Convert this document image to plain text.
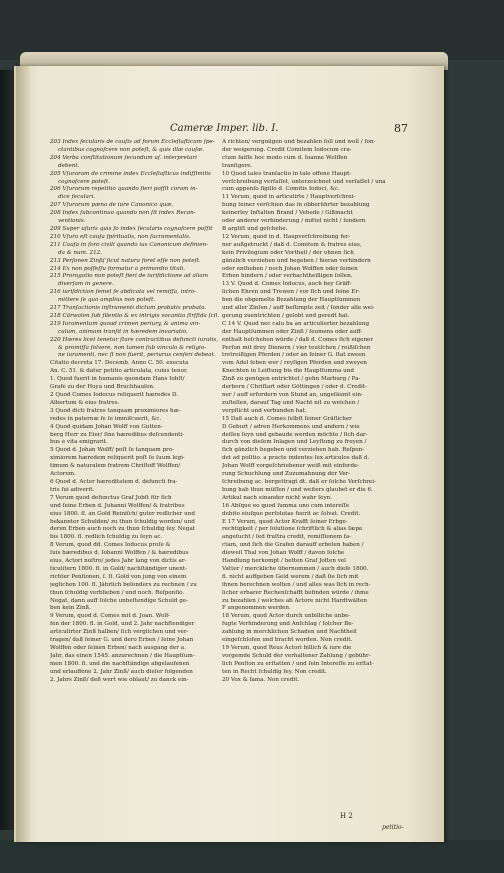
Cameræ Imper. lib. I.	87
203 Index ſecularis de cauſis ad forum Eccleſiaſticum ſpe-
ctantibus cognoſcere non poteſt, & quis illæ cauſæ.
204 Verba conſtitutionum ſecundum uſ. interpretari
debent.
205 Vſuraram de crimine index Eccleſiaſticus indiſſimilis
cognoſcere poteſt.
206 Vſurarum repetitio quando fieri poſſit coram in-
dice ſeculari.
207 Vſurarum pæna de iure Canonico quæ,
208 Index ſubcontinuo quando non ſit index Recon-
ventionis.
209 Super uſuris quis ſo index ſecularis cognoſcere poſſit
210 Vſura eſt cauſa ſpiritualis, non ſacramentalis.
211 Cauſa in foro civili quando ius Canonicum definien-
da & num. 212.
213 Perſonen Zinßſ ſicut natura foret eſſe non poteſt.
214 Ex non poſſeſſu formatur à primordio tituli.
215 Prorogatio non poteſt fieri de iuriſdictione ad aliam
diverſam in genere.
216 iuriſdiction ſemel ſe abdicata vel remiſſa, intro-
mittere ſe quo amplius non poteſt.
217 Tranſactionis inſtrumenti dictum probatis probata.
218 Cärwolen ſub ſilentio & ex intrigis vocantia ſtrſſida ſcil.
219 Iuramentum quoad crimen periury, & anima vin-
culum, animam tranſit in hæredem invariatio.
220 Hæres licet tenetur ſtare contractibus defuncti iuratis,
& promiſſa ſolvere, non tamen ſub vinculo & religio-
ne iuramenti, nec ſi non fuerit, periurus cenſeri debeat.
Citatio decreta 17. Decemb. Anno C. 50. executa
An. C. 51. & datur petitio articulata, cuius tenor.
1. Quod fuerit in humanis quondam Hans Iobſt/
Grafe zu der Hoya und Bruchhauſen.
2 Quod Comes Iodocus reliquerit hæredes D.
Albertum & eius fratres.
3 Quod dicti fratres tanquam proximiores hæ-
redes in paternæ ſe ſe immiſcuerit, &c.
4 Quod quidam Johan Wolff von Gutten-
berg Herr zu Eier/ ſine hæredibus deſcendenti-
bus è vita emigrarit.
5 Quod d. Johan Wolff/ poſt ſe tanquam pro-
ximiorem hæredem reliquerit poſt ſe ſuum legi-
timum & naturalem fratrem Chriſtoff Wolffen/
Actorem.
6 Quod d. Actor hæreditatem d. defuncti fra-
tris ſui adiverit.
7 Verum quod defunctus Graf Jobſt für ſich
und ſeine Erben d. Johanni Wolffen/ & fratribus
eius 1800. fl. an Gold Reiniſch/ guter redlicher und
bekannter Schulden/ zu thun ſchuldig worden/ und
deren Erben auch noch zu thun ſchuldig ſey. Negat
bis 1800. fl. redlich ſchuldig zu ſeyn ac.
8 Verum, quod dd. Comes Iodocus proſe &
ſuis hæredibus d. Iohanni Wolffen / & hæredibus
eius, Actori noſtro/ jedes Jahr lang von dictis ar-
ticulitern 1800. fl. in Gold/ nachſtändiger unent-
richter Penſionen, ſ. fl. Gold von jung von einem
jeglichen 100. fl. Jährlich beſonders zu rechnen / zu
thun ſchuldig verblieben / und noch. Reſponſio.
Negat, dann auff ſolche unbeſtendige Schuld ge-
ben kein Zinß.
9 Verum, quod d. Comes mit d. Joan. Wolf-
fen der 1800. fl. in Gold, und 2. Jahr nachſtendiger
articulirter Zinß halben/ ſich verglichen und ver-
tragen/ daß ſeiner G. und dero Erben / ſeine Johan
Wolffen oder ſeinen Erben/ nach ausgang der a.
Jahr, das einen 1545. anzurechnen / die Hauptſum-
men 1800. fl. und die nachſtändige abgelaufenen
und erlauffene 2. Jahr Zinß/ auch dieſer folgenden
2. Jahrs Zinß/ deß wert wie oblaut/ zu danck ein-
A richten/ vergnügen und bezahlen ſoll und woll / ſon-
der weigerung. Credit Comitem Iodocum cra-
ctum faiſſe hoc modo cum d. Ioanne Wolffen
tranſigere.
10 Quod tales tranſactio in tale offene Haupt-
verſchreibung verfaſſet, unterzeichnet und verſaſſet / una
cum appenſo ſigillo d. Comitis Iodoci, &c.
11 Verum, quod in articulirte / Hauptverſchrei-
bung ſeiner verſchien das in obberührter bezahlung
keinerley Inſtalten Brand / Vehede / Gißmacht
oder anderer verhinderung / mittel nicht / ſondern
B argliſt und geſchehe.
12 Verum, quod in d. Haupverſchreibung fer-
ner außgetruckt / daß d. Comitem & fratres eius,
kein Privilegium oder Vortheil / der ohnen ſich
gänzlich verziehen und begeben / hieran verhindern
oder entheben / noch Johan Wolffen oder ſeinen
Erben hindern / oder verhachtheilligen ſollen.
13 V. Quod d. Comes Iodocus, auch bey Gräff-
lichen Ehren und Trewen / vor ſich und ſeine Er-
ben die obgemelte Bezahlung der Hauptſummen
und aller Zinſen / auff beſtimpte zeit / ſonder alle wei-
gerung zuentrichten / gelobt und geredt hat.
C 14 V. Quod nec calu ba an articulierter bezahlung
der Hauptſummen oder Zinß / ſeumens oder auff-
enthalt beſchehen würde / daß d. Comes ſich eigener
Perſon mit drey Dienern / vier teutſchen / reißiſchen
tretreißigen Pferden / oder an ſeiner G. ſtat zween
vom Adel ſeben wer / reyſigen Pferden und zweyen
Knechten in Leiſtung bis die Hauptſumma und
Zinß zu genügen entrichtet / gehn Marburg / Pa-
derborn / Chriſtart oder Göttingen / oder d. Credit-
ner / auff erfordern von Stund an, ungeſäumt ein-
zuſtellen, darauf Tag und Nacht nit zu weichen /
verpflicht und verbunden hat.
15 Daß auch d. Comes ſelbſt ſeiner Gräflicher
D Geburt / adren Herkommens und andern / wie
deſſen ſeyn und gebaude werden möchte / ſich dar-
durch von dieſem Inlagen und Leyſtung zu freyen /
ſich gänzlich begeben und verziehen hab. Reſpon-
det ad poſitio. a practe indentes ſex articulos daß d.
Johan Wolff vorgeſchriebener weiß mit einforde-
rung Schuchlung und Zuzumahnung der Ver-
ſchreibung ac. bergettragt dt. daß er ſolche Verſchrei-
bung hab thun müſſen / und weiters glaubet er die 6.
Artikul nach einander nicht wahr ſeyn.
16 Abſque eo quod ſumma uno cum intereſſe
debito eiuſque perſolutas fuerit ac ſolvat. Credit.
E 17 Verum, quod Actor Krafft ſeiner Erbge-
rechtigkeit / per ſolutione ſchriftlich & alias ſæpe
angeſucht / ſed fruſtra credit, remiſſionem fa-
ctam, und ſich die Grafen darauff erboten haben /
dieweil Thal von Johan Wolff / davon ſolche
Handlung herkompt / hetten Graf Joſten vel
Vatter / merckliche übernommen / auch dieſe 1800.
fl. nicht auffgeben Geld werem / daß ſie ſich mit
ihnen berechnen wolten / und alles was ſich in rech-
licher erbarer Rechenſchafft befinden würde / ihme
zu bezahlen / welches ab Actore nicht Hardtwälten
F angenommen werden.
18 Verum, quod Actor durch unbilliche unbe-
fugte Verhinderung und Anſchlag / ſolcher Be-
zahlung in mercklichen Schaden und Nachtheil
eingeſchlofen und bracht worden. Non credit.
19 Verum, quod Reus Actori billich & iure die
vorgemde Schuld der verhaltener Zahlung / gebühr-
lich Penſion zu erſtatten / und ſein Intereſſe zu erſtat-
ten in Recht ſchuldig ſey. Non credit.
20 Vox & fama. Non credit.
H 2
petitio-
